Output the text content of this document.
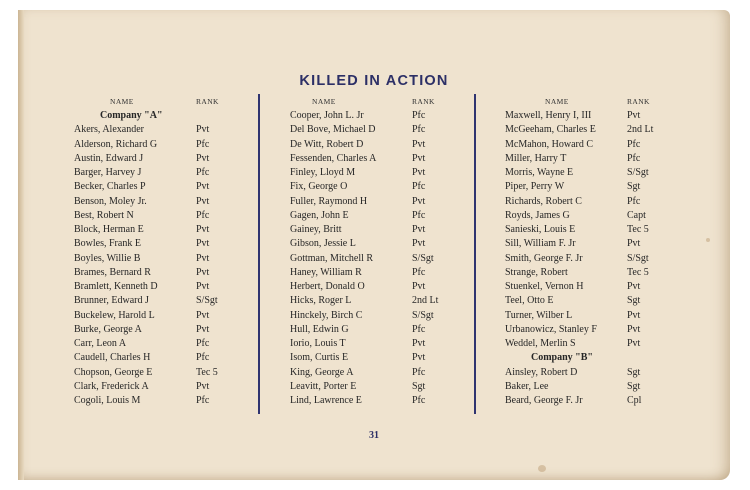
KILLED IN ACTION
NAME	RANK
Company "A"
Akers, Alexander	Pvt
Alderson, Richard G	Pfc
Austin, Edward J	Pvt
Barger, Harvey J	Pfc
Becker, Charles P	Pvt
Benson, Moley Jr.	Pvt
Best, Robert N	Pfc
Block, Herman E	Pvt
Bowles, Frank E	Pvt
Boyles, Willie B	Pvt
Brames, Bernard R	Pvt
Bramlett, Kenneth D	Pvt
Brunner, Edward J	S/Sgt
Buckelew, Harold L	Pvt
Burke, George A	Pvt
Carr, Leon A	Pfc
Caudell, Charles H	Pfc
Chopson, George E	Tec 5
Clark, Frederick A	Pvt
Cogoli, Louis M	Pfc
NAME	RANK
Cooper, John L. Jr	Pfc
Del Bove, Michael D	Pfc
De Witt, Robert D	Pvt
Fessenden, Charles A	Pvt
Finley, Lloyd M	Pvt
Fix, George O	Pfc
Fuller, Raymond H	Pvt
Gagen, John E	Pfc
Gainey, Britt	Pvt
Gibson, Jessie L	Pvt
Gottman, Mitchell R	S/Sgt
Haney, William R	Pfc
Herbert, Donald O	Pvt
Hicks, Roger L	2nd Lt
Hinckely, Birch C	S/Sgt
Hull, Edwin G	Pfc
Iorio, Louis T	Pvt
Isom, Curtis E	Pvt
King, George A	Pfc
Leavitt, Porter E	Sgt
Lind, Lawrence E	Pfc
NAME	RANK
Maxwell, Henry I, III	Pvt
McGeeham, Charles E	2nd Lt
McMahon, Howard C	Pfc
Miller, Harry T	Pfc
Morris, Wayne E	S/Sgt
Piper, Perry W	Sgt
Richards, Robert C	Pfc
Royds, James G	Capt
Sanieski, Louis E	Tec 5
Sill, William F. Jr	Pvt
Smith, George F. Jr	S/Sgt
Strange, Robert	Tec 5
Stuenkel, Vernon H	Pvt
Teel, Otto E	Sgt
Turner, Wilber L	Pvt
Urbanowicz, Stanley F	Pvt
Weddel, Merlin S	Pvt
Company "B"
Ainsley, Robert D	Sgt
Baker, Lee	Sgt
Beard, George F. Jr	Cpl
31
